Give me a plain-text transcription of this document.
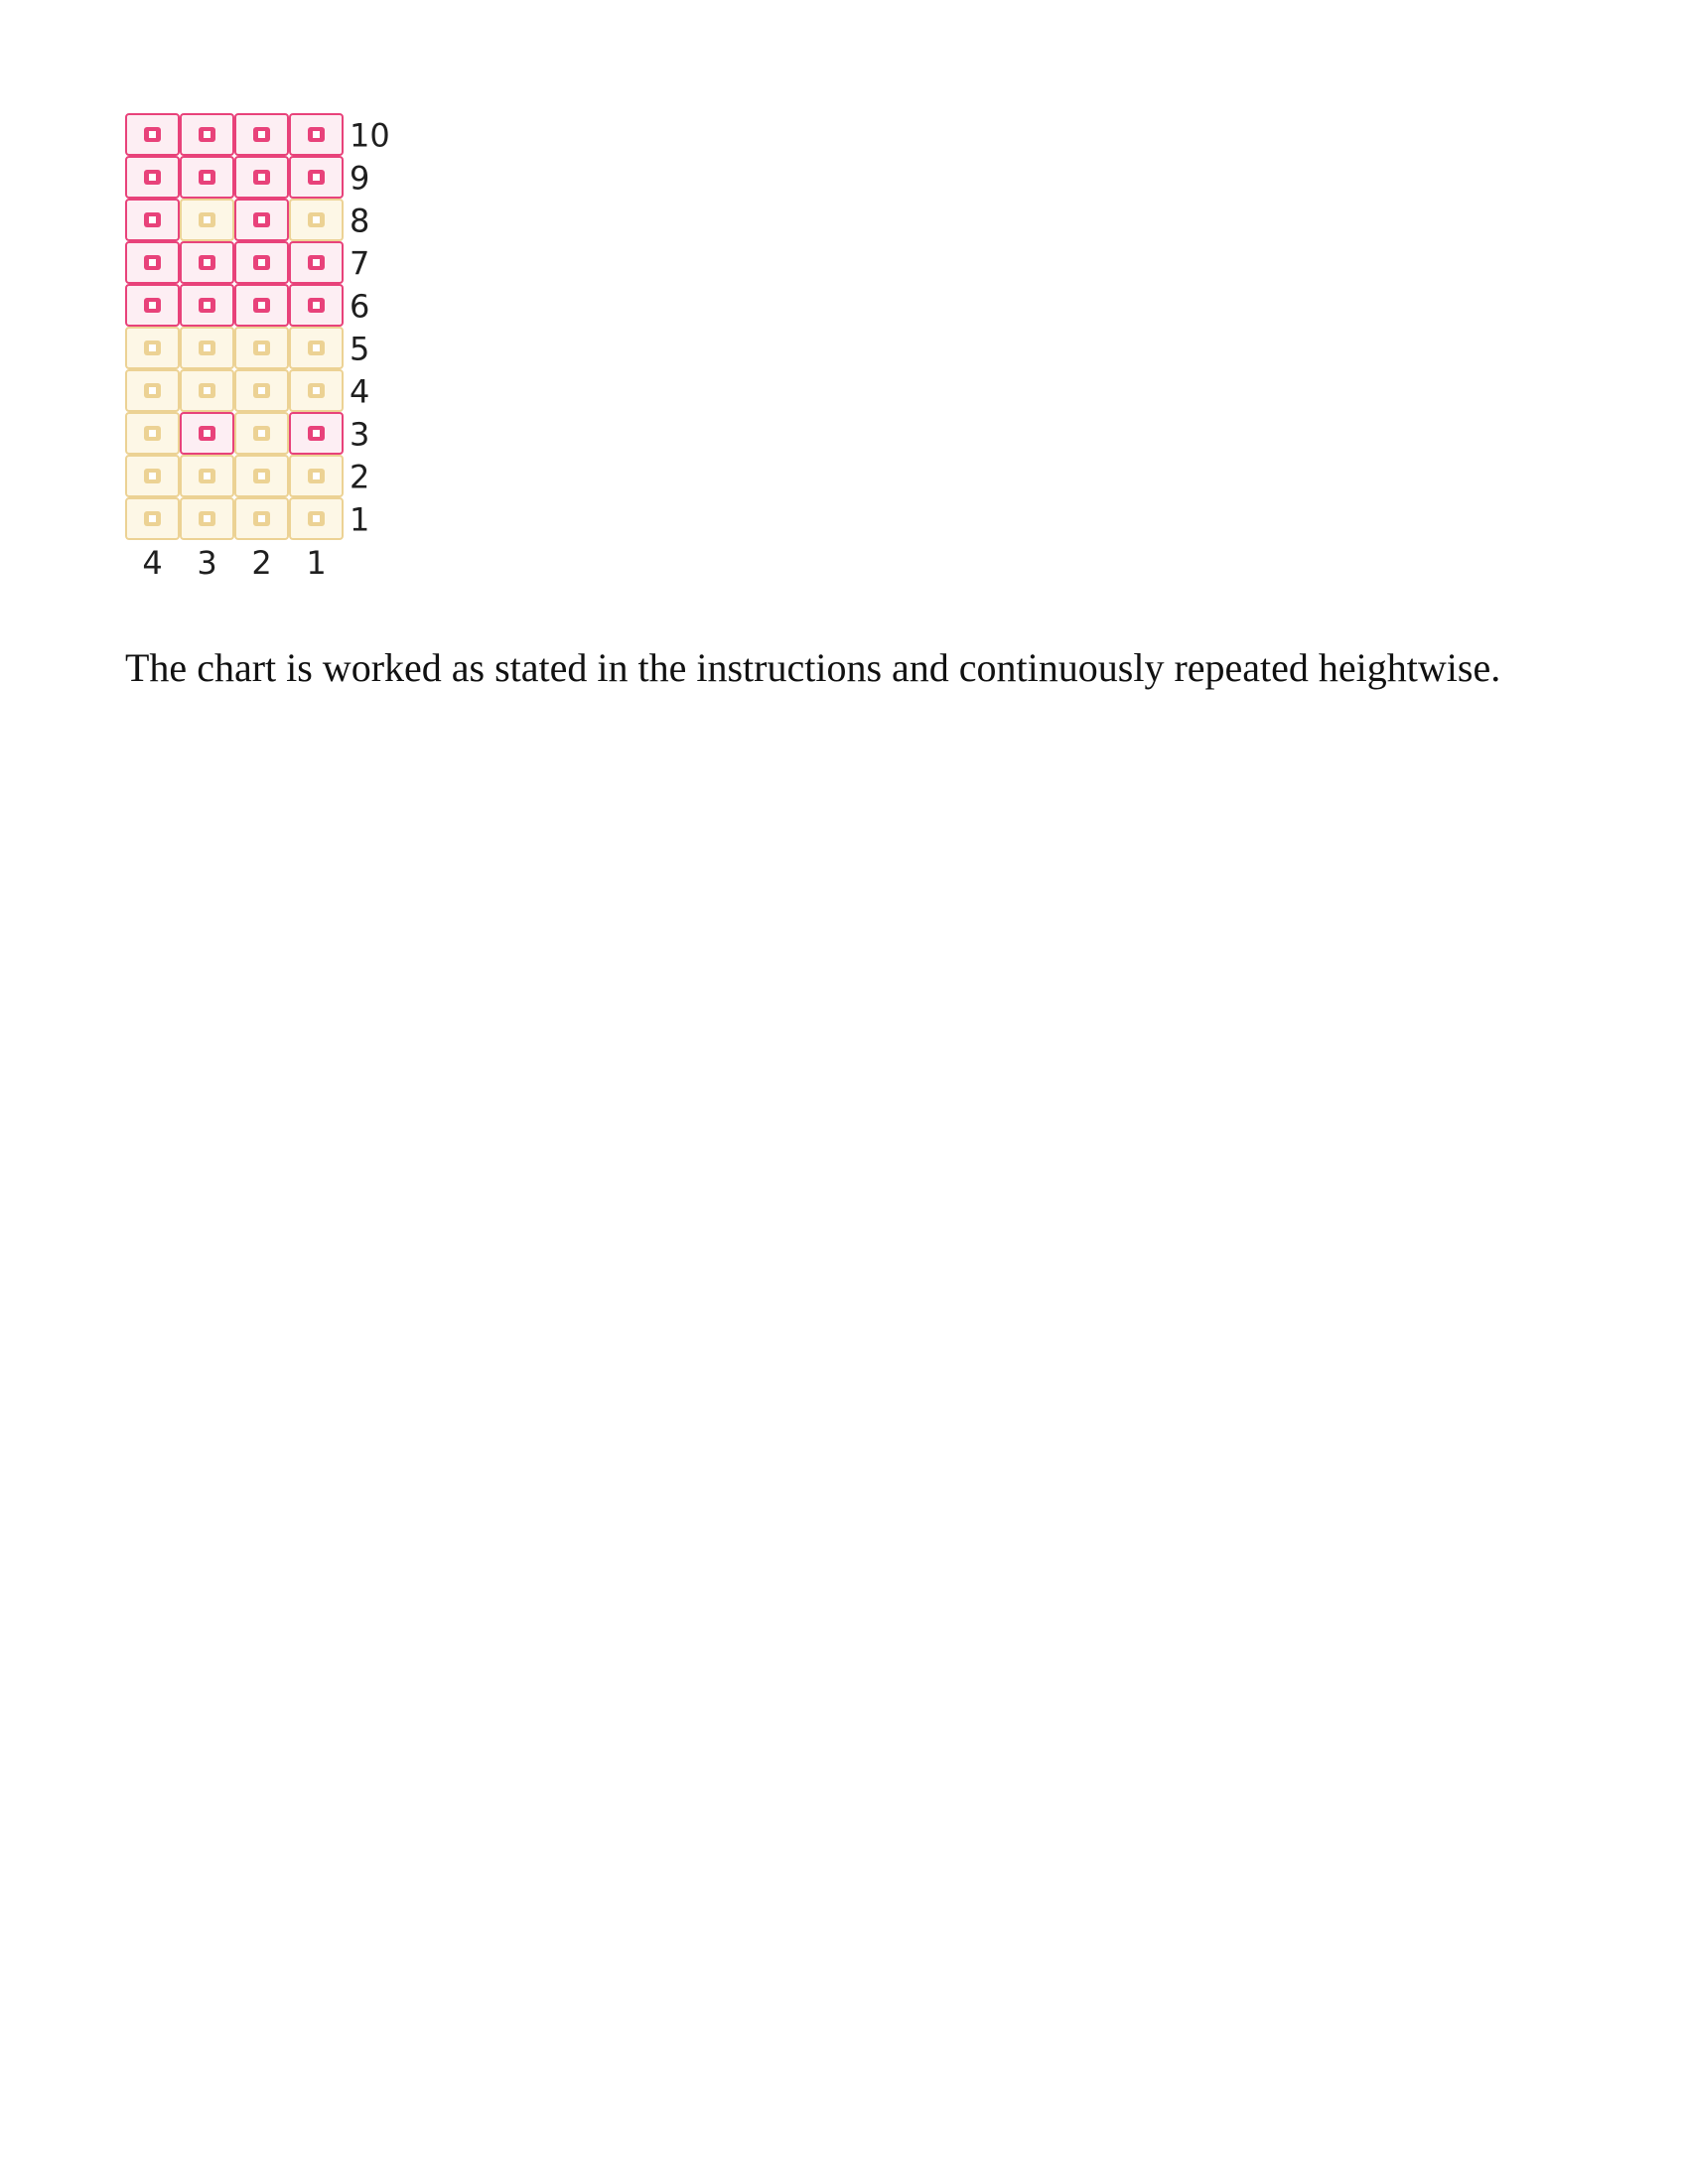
10
9
8
7
6
5
4
3
2
1
4 3 2 1

The chart is worked as stated in the instructions and continuously repeated heightwise.
